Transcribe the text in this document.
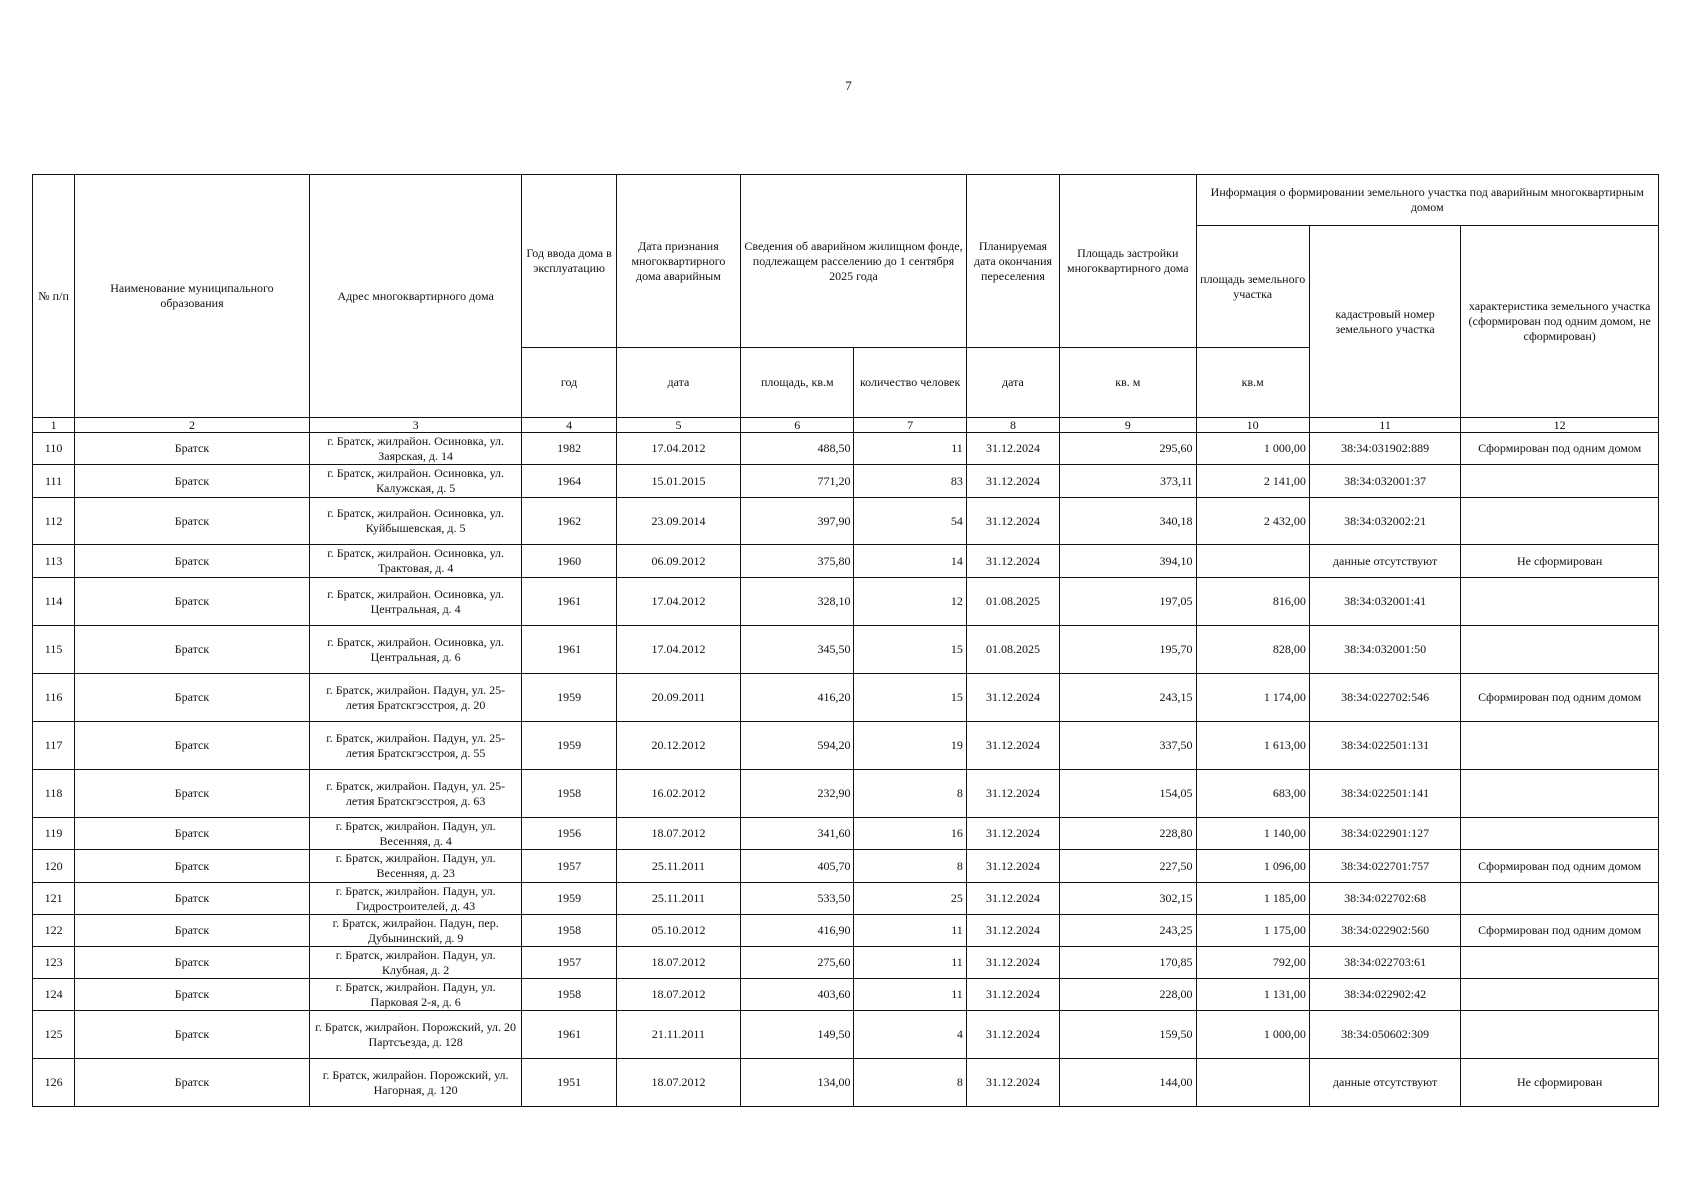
7
№ п/п	Наименование муниципального образования	Адрес многоквартирного дома	Год ввода дома в эксплуатацию	Дата признания многоквартирного дома аварийным	Сведения об аварийном жилищном фонде, подлежащем расселению до 1 сентября 2025 года		Планируемая дата окончания переселения	Площадь застройки многоквартирного дома	Информация о формировании земельного участка под аварийным многоквартирным домом		
									площадь земельного участка	кадастровый номер земельного участка	характеристика земельного участка (сформирован под одним домом, не сформирован)
			год	дата	площадь, кв.м	количество человек	дата	кв. м	кв.м		
1	2	3	4	5	6	7	8	9	10	11	12
110	Братск	г. Братск, жилрайон. Осиновка, ул. Заярская, д. 14	1982	17.04.2012	488,50	11	31.12.2024	295,60	1 000,00	38:34:031902:889	Сформирован под одним домом
111	Братск	г. Братск, жилрайон. Осиновка, ул. Калужская, д. 5	1964	15.01.2015	771,20	83	31.12.2024	373,11	2 141,00	38:34:032001:37	
112	Братск	г. Братск, жилрайон. Осиновка, ул. Куйбышевская, д. 5	1962	23.09.2014	397,90	54	31.12.2024	340,18	2 432,00	38:34:032002:21	
113	Братск	г. Братск, жилрайон. Осиновка, ул. Трактовая, д. 4	1960	06.09.2012	375,80	14	31.12.2024	394,10		данные отсутствуют	Не сформирован
114	Братск	г. Братск, жилрайон. Осиновка, ул. Центральная, д. 4	1961	17.04.2012	328,10	12	01.08.2025	197,05	816,00	38:34:032001:41	
115	Братск	г. Братск, жилрайон. Осиновка, ул. Центральная, д. 6	1961	17.04.2012	345,50	15	01.08.2025	195,70	828,00	38:34:032001:50	
116	Братск	г. Братск, жилрайон. Падун, ул. 25-летия Братскгэсстроя, д. 20	1959	20.09.2011	416,20	15	31.12.2024	243,15	1 174,00	38:34:022702:546	Сформирован под одним домом
117	Братск	г. Братск, жилрайон. Падун, ул. 25-летия Братскгэсстроя, д. 55	1959	20.12.2012	594,20	19	31.12.2024	337,50	1 613,00	38:34:022501:131	
118	Братск	г. Братск, жилрайон. Падун, ул. 25-летия Братскгэсстроя, д. 63	1958	16.02.2012	232,90	8	31.12.2024	154,05	683,00	38:34:022501:141	
119	Братск	г. Братск, жилрайон. Падун, ул. Весенняя, д. 4	1956	18.07.2012	341,60	16	31.12.2024	228,80	1 140,00	38:34:022901:127	
120	Братск	г. Братск, жилрайон. Падун, ул. Весенняя, д. 23	1957	25.11.2011	405,70	8	31.12.2024	227,50	1 096,00	38:34:022701:757	Сформирован под одним домом
121	Братск	г. Братск, жилрайон. Падун, ул. Гидростроителей, д. 43	1959	25.11.2011	533,50	25	31.12.2024	302,15	1 185,00	38:34:022702:68	
122	Братск	г. Братск, жилрайон. Падун, пер. Дубынинский, д. 9	1958	05.10.2012	416,90	11	31.12.2024	243,25	1 175,00	38:34:022902:560	Сформирован под одним домом
123	Братск	г. Братск, жилрайон. Падун, ул. Клубная, д. 2	1957	18.07.2012	275,60	11	31.12.2024	170,85	792,00	38:34:022703:61	
124	Братск	г. Братск, жилрайон. Падун, ул. Парковая 2-я, д. 6	1958	18.07.2012	403,60	11	31.12.2024	228,00	1 131,00	38:34:022902:42	
125	Братск	г. Братск, жилрайон. Порожский, ул. 20 Партсъезда, д. 128	1961	21.11.2011	149,50	4	31.12.2024	159,50	1 000,00	38:34:050602:309	
126	Братск	г. Братск, жилрайон. Порожский, ул. Нагорная, д. 120	1951	18.07.2012	134,00	8	31.12.2024	144,00		данные отсутствуют	Не сформирован
